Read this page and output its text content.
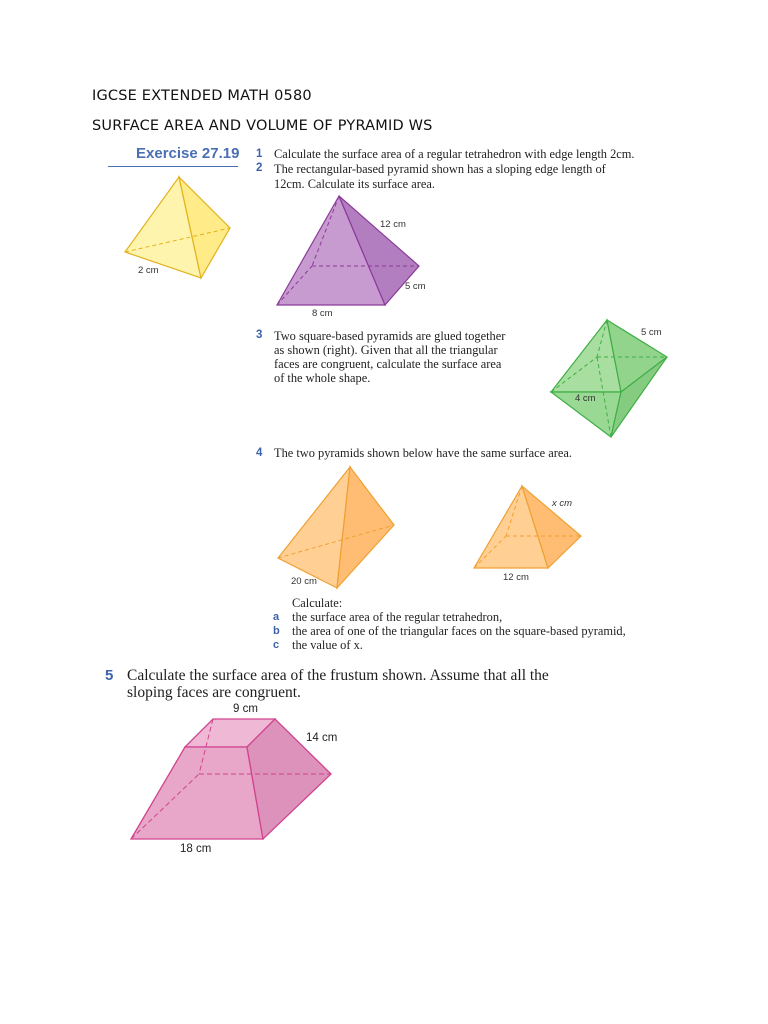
IGCSE EXTENDED MATH 0580
SURFACE AREA AND VOLUME OF PYRAMID WS
Exercise 27.19 1 Calculate the surface area of a regular tetrahedron with edge length 2cm.
2 The rectangular-based pyramid shown has a sloping edge length of
12cm. Calculate its surface area.
2 cm
12 cm
5 cm
8 cm
3 Two square-based pyramids are glued together
as shown (right). Given that all the triangular
faces are congruent, calculate the surface area
of the whole shape.
5 cm
4 cm
4 The two pyramids shown below have the same surface area.
20 cm
x cm
12 cm
Calculate:
a the surface area of the regular tetrahedron,
b the area of one of the triangular faces on the square-based pyramid,
c the value of x.
5 Calculate the surface area of the frustum shown. Assume that all the
sloping faces are congruent.
9 cm
14 cm
18 cm
